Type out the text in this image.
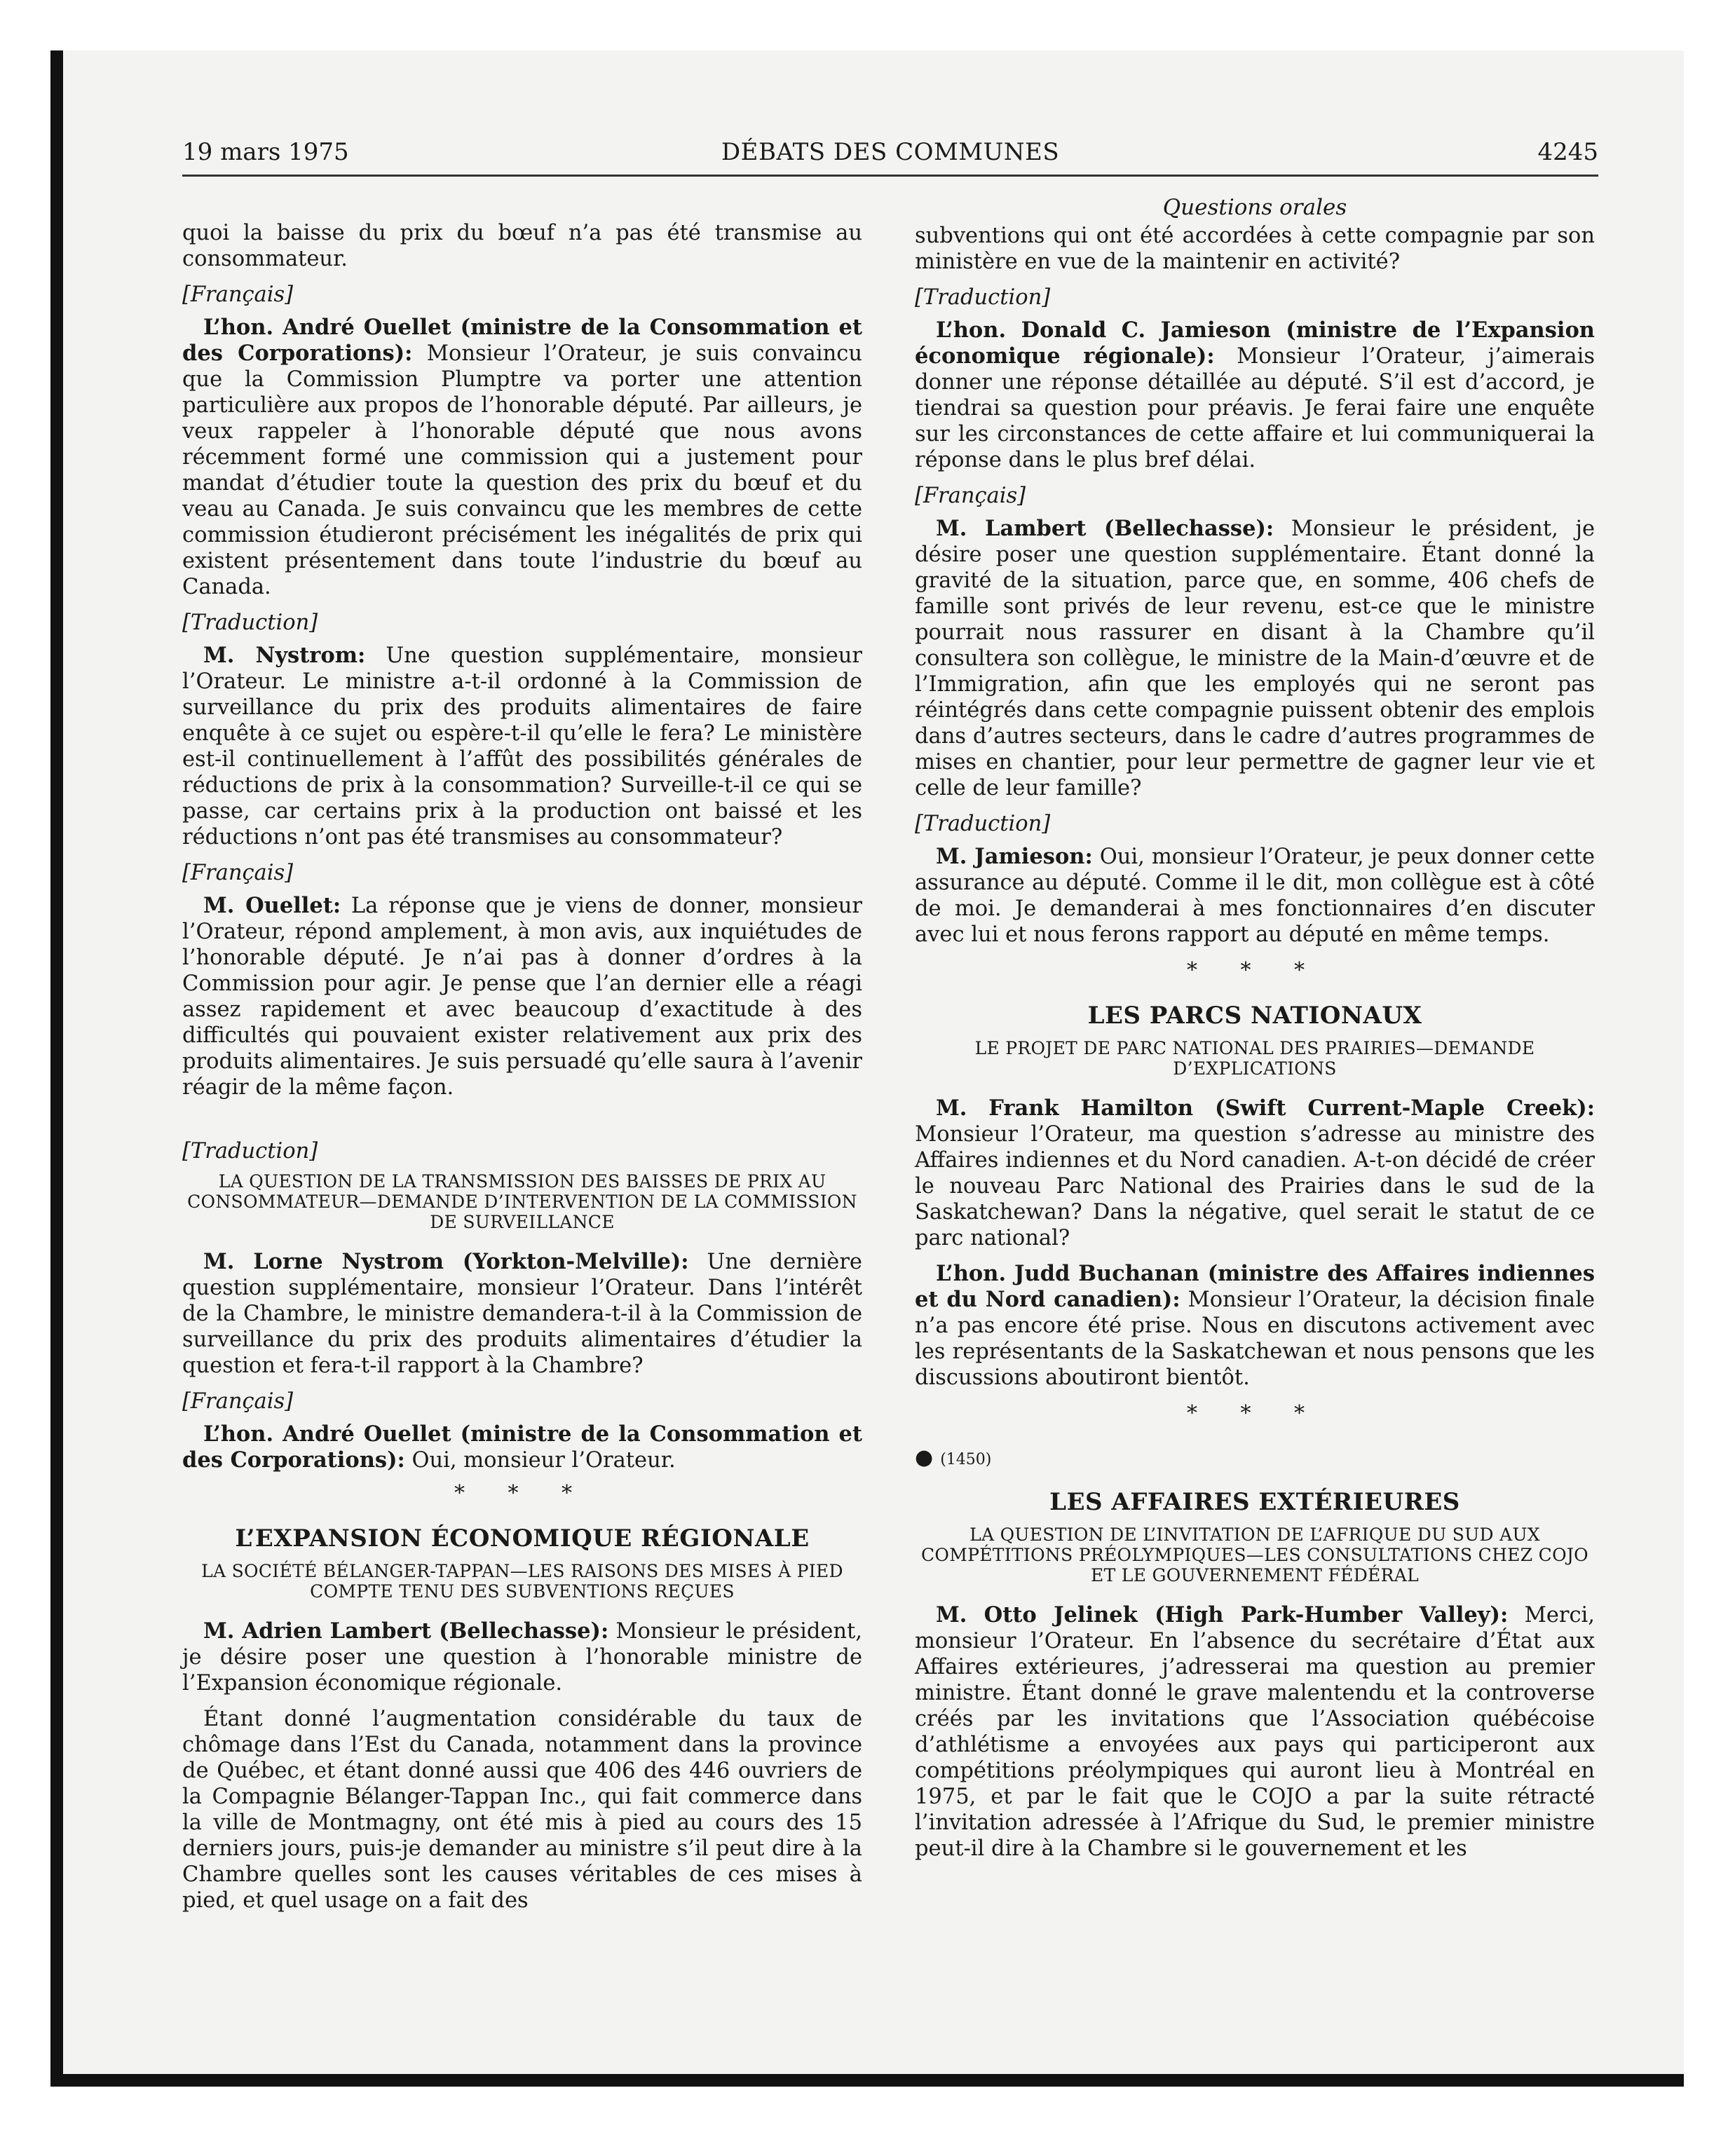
19 mars 1975	DÉBATS DES COMMUNES	4245

quoi la baisse du prix du bœuf n’a pas été transmise au consommateur.

[Français]

L’hon. André Ouellet (ministre de la Consommation et des Corporations): Monsieur l’Orateur, je suis convaincu que la Commission Plumptre va porter une attention particulière aux propos de l’honorable député. Par ailleurs, je veux rappeler à l’honorable député que nous avons récemment formé une commission qui a justement pour mandat d’étudier toute la question des prix du bœuf et du veau au Canada. Je suis convaincu que les membres de cette commission étudieront précisément les inégalités de prix qui existent présentement dans toute l’industrie du bœuf au Canada.

[Traduction]

M. Nystrom: Une question supplémentaire, monsieur l’Orateur. Le ministre a-t-il ordonné à la Commission de surveillance du prix des produits alimentaires de faire enquête à ce sujet ou espère-t-il qu’elle le fera? Le ministère est-il continuellement à l’affût des possibilités générales de réductions de prix à la consommation? Surveille-t-il ce qui se passe, car certains prix à la production ont baissé et les réductions n’ont pas été transmises au consommateur?

[Français]

M. Ouellet: La réponse que je viens de donner, monsieur l’Orateur, répond amplement, à mon avis, aux inquiétudes de l’honorable député. Je n’ai pas à donner d’ordres à la Commission pour agir. Je pense que l’an dernier elle a réagi assez rapidement et avec beaucoup d’exactitude à des difficultés qui pouvaient exister relativement aux prix des produits alimentaires. Je suis persuadé qu’elle saura à l’avenir réagir de la même façon.

[Traduction]
LA QUESTION DE LA TRANSMISSION DES BAISSES DE PRIX AU CONSOMMATEUR—DEMANDE D’INTERVENTION DE LA COMMISSION DE SURVEILLANCE

M. Lorne Nystrom (Yorkton-Melville): Une dernière question supplémentaire, monsieur l’Orateur. Dans l’intérêt de la Chambre, le ministre demandera-t-il à la Commission de surveillance du prix des produits alimentaires d’étudier la question et fera-t-il rapport à la Chambre?

[Français]

L’hon. André Ouellet (ministre de la Consommation et des Corporations): Oui, monsieur l’Orateur.

* * *
L’EXPANSION ÉCONOMIQUE RÉGIONALE
LA SOCIÉTÉ BÉLANGER-TAPPAN—LES RAISONS DES MISES À PIED COMPTE TENU DES SUBVENTIONS REÇUES

M. Adrien Lambert (Bellechasse): Monsieur le président, je désire poser une question à l’honorable ministre de l’Expansion économique régionale.

Étant donné l’augmentation considérable du taux de chômage dans l’Est du Canada, notamment dans la province de Québec, et étant donné aussi que 406 des 446 ouvriers de la Compagnie Bélanger-Tappan Inc., qui fait commerce dans la ville de Montmagny, ont été mis à pied au cours des 15 derniers jours, puis-je demander au ministre s’il peut dire à la Chambre quelles sont les causes véritables de ces mises à pied, et quel usage on a fait des

Questions orales

subventions qui ont été accordées à cette compagnie par son ministère en vue de la maintenir en activité?

[Traduction]

L’hon. Donald C. Jamieson (ministre de l’Expansion économique régionale): Monsieur l’Orateur, j’aimerais donner une réponse détaillée au député. S’il est d’accord, je tiendrai sa question pour préavis. Je ferai faire une enquête sur les circonstances de cette affaire et lui communiquerai la réponse dans le plus bref délai.

[Français]

M. Lambert (Bellechasse): Monsieur le président, je désire poser une question supplémentaire. Étant donné la gravité de la situation, parce que, en somme, 406 chefs de famille sont privés de leur revenu, est-ce que le ministre pourrait nous rassurer en disant à la Chambre qu’il consultera son collègue, le ministre de la Main-d’œuvre et de l’Immigration, afin que les employés qui ne seront pas réintégrés dans cette compagnie puissent obtenir des emplois dans d’autres secteurs, dans le cadre d’autres programmes de mises en chantier, pour leur permettre de gagner leur vie et celle de leur famille?

[Traduction]

M. Jamieson: Oui, monsieur l’Orateur, je peux donner cette assurance au député. Comme il le dit, mon collègue est à côté de moi. Je demanderai à mes fonctionnaires d’en discuter avec lui et nous ferons rapport au député en même temps.

* * *
LES PARCS NATIONAUX
LE PROJET DE PARC NATIONAL DES PRAIRIES—DEMANDE D’EXPLICATIONS

M. Frank Hamilton (Swift Current-Maple Creek): Monsieur l’Orateur, ma question s’adresse au ministre des Affaires indiennes et du Nord canadien. A-t-on décidé de créer le nouveau Parc National des Prairies dans le sud de la Saskatchewan? Dans la négative, quel serait le statut de ce parc national?

L’hon. Judd Buchanan (ministre des Affaires indiennes et du Nord canadien): Monsieur l’Orateur, la décision finale n’a pas encore été prise. Nous en discutons activement avec les représentants de la Saskatchewan et nous pensons que les discussions aboutiront bientôt.

* * *
● (1450)
LES AFFAIRES EXTÉRIEURES
LA QUESTION DE L’INVITATION DE L’AFRIQUE DU SUD AUX COMPÉTITIONS PRÉOLYMPIQUES—LES CONSULTATIONS CHEZ COJO ET LE GOUVERNEMENT FÉDÉRAL

M. Otto Jelinek (High Park-Humber Valley): Merci, monsieur l’Orateur. En l’absence du secrétaire d’État aux Affaires extérieures, j’adresserai ma question au premier ministre. Étant donné le grave malentendu et la controverse créés par les invitations que l’Association québécoise d’athlétisme a envoyées aux pays qui participeront aux compétitions préolympiques qui auront lieu à Montréal en 1975, et par le fait que le COJO a par la suite rétracté l’invitation adressée à l’Afrique du Sud, le premier ministre peut-il dire à la Chambre si le gouvernement et les
